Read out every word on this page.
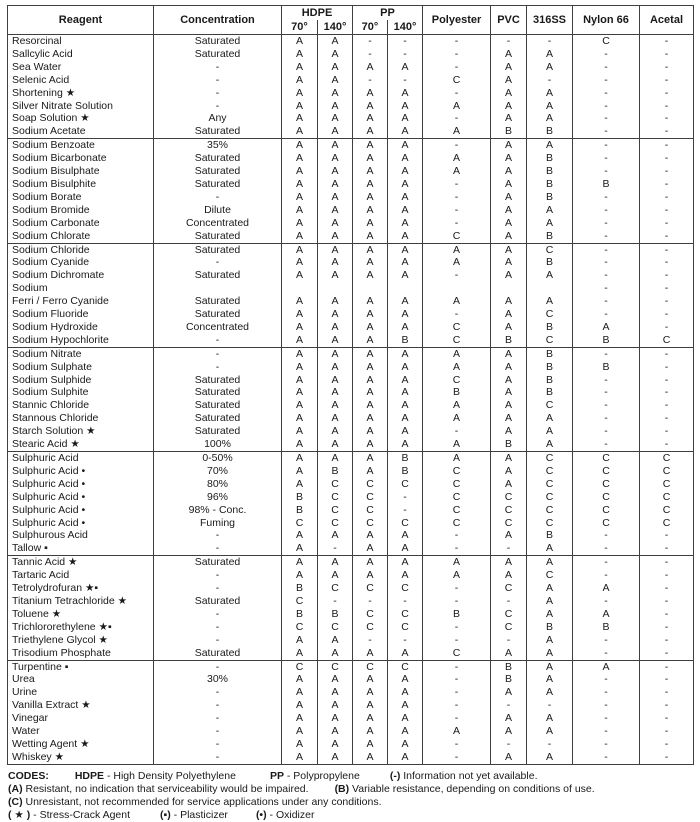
Reagent	Concentration	HDPE		PP		Polyester	PVC	316SS	Nylon 66	Acetal
		70°	140°	70°	140°					
Resorcinal	Saturated	A	A	-	-	-	-	-	C	-
Sallcylic Acid	Saturated	A	A	-	-	-	A	A	-	-
Sea Water	-	A	A	A	A	-	A	A	-	-
Selenic Acid	-	A	A	-	-	C	A	-	-	-
Shortening ★	-	A	A	A	A	-	A	A	-	-
Silver Nitrate Solution	-	A	A	A	A	A	A	A	-	-
Soap Solution ★	Any	A	A	A	A	-	A	A	-	-
Sodium Acetate	Saturated	A	A	A	A	A	B	B	-	-
Sodium Benzoate	35%	A	A	A	A	-	A	A	-	-
Sodium Bicarbonate	Saturated	A	A	A	A	A	A	B	-	-
Sodium Bisulphate	Saturated	A	A	A	A	A	A	B	-	-
Sodium Bisulphite	Saturated	A	A	A	A	-	A	B	B	-
Sodium Borate	-	A	A	A	A	-	A	B	-	-
Sodium Bromide	Dilute	A	A	A	A	-	A	A	-	-
Sodium Carbonate	Concentrated	A	A	A	A	-	A	A	-	-
Sodium Chlorate	Saturated	A	A	A	A	C	A	B	-	-
Sodium Chloride	Saturated	A	A	A	A	A	A	C	-	-
Sodium Cyanide	-	A	A	A	A	A	A	B	-	-
Sodium Dichromate	Saturated	A	A	A	A	-	A	A	-	-
Sodium									-	-
Ferri / Ferro Cyanide	Saturated	A	A	A	A	A	A	A	-	-
Sodium Fluoride	Saturated	A	A	A	A	-	A	C	-	-
Sodium Hydroxide	Concentrated	A	A	A	A	C	A	B	A	-
Sodium Hypochlorite	-	A	A	A	B	C	B	C	B	C
Sodium Nitrate	-	A	A	A	A	A	A	B	-	-
Sodium Sulphate	-	A	A	A	A	A	A	B	B	-
Sodium Sulphide	Saturated	A	A	A	A	C	A	B	-	-
Sodium Sulphite	Saturated	A	A	A	A	B	A	B	-	-
Stannic Chloride	Saturated	A	A	A	A	A	A	C	-	-
Stannous Chloride	Saturated	A	A	A	A	A	A	A	-	-
Starch Solution ★	Saturated	A	A	A	A	-	A	A	-	-
Stearic Acid ★	100%	A	A	A	A	A	B	A	-	-
Sulphuric Acid	0-50%	A	A	A	B	A	A	C	C	C
Sulphuric Acid •	70%	A	B	A	B	C	A	C	C	C
Sulphuric Acid •	80%	A	C	C	C	C	A	C	C	C
Sulphuric Acid •	96%	B	C	C	-	C	C	C	C	C
Sulphuric Acid •	98% - Conc.	B	C	C	-	C	C	C	C	C
Sulphuric Acid •	Fuming	C	C	C	C	C	C	C	C	C
Sulphurous Acid	-	A	A	A	A	-	A	B	-	-
Tallow ▪	-	A	-	A	A	-	-	A	-	-
Tannic Acid ★	Saturated	A	A	A	A	A	A	A	-	-
Tartaric Acid	-	A	A	A	A	A	A	C	-	-
Tetrolydrofuran ★▪	-	B	C	C	C	-	C	A	A	-
Titanium Tetrachloride ★	Saturated	C	-	-	-	-	-	A	-	-
Toluene ★	-	B	B	C	C	B	C	A	A	-
Trichlororethylene ★▪	-	C	C	C	C	-	C	B	B	-
Triethylene Glycol ★	-	A	A	-	-	-	-	A	-	-
Trisodium Phosphate	Saturated	A	A	A	A	C	A	A	-	-
Turpentine ▪	-	C	C	C	C	-	B	A	A	-
Urea	30%	A	A	A	A	-	B	A	-	-
Urine	-	A	A	A	A	-	A	A	-	-
Vanilla Extract ★	-	A	A	A	A	-	-	-	-	-
Vinegar	-	A	A	A	A	-	A	A	-	-
Water	-	A	A	A	A	A	A	A	-	-
Wetting Agent ★	-	A	A	A	A	-	-	-	-	-
Whiskey ★	-	A	A	A	A	-	A	A	-	-
CODES: HDPE - High Density Polyethylene	PP - Polypropylene	(-) Information not yet available.
(A) Resistant, no indication that serviceability would be impaired. (B) Variable resistance, depending on conditions of use.
(C) Unresistant, not recommended for service applications under any conditions.
( ★ ) - Stress-Crack Agent	(▪) - Plasticizer	(•) - Oxidizer
